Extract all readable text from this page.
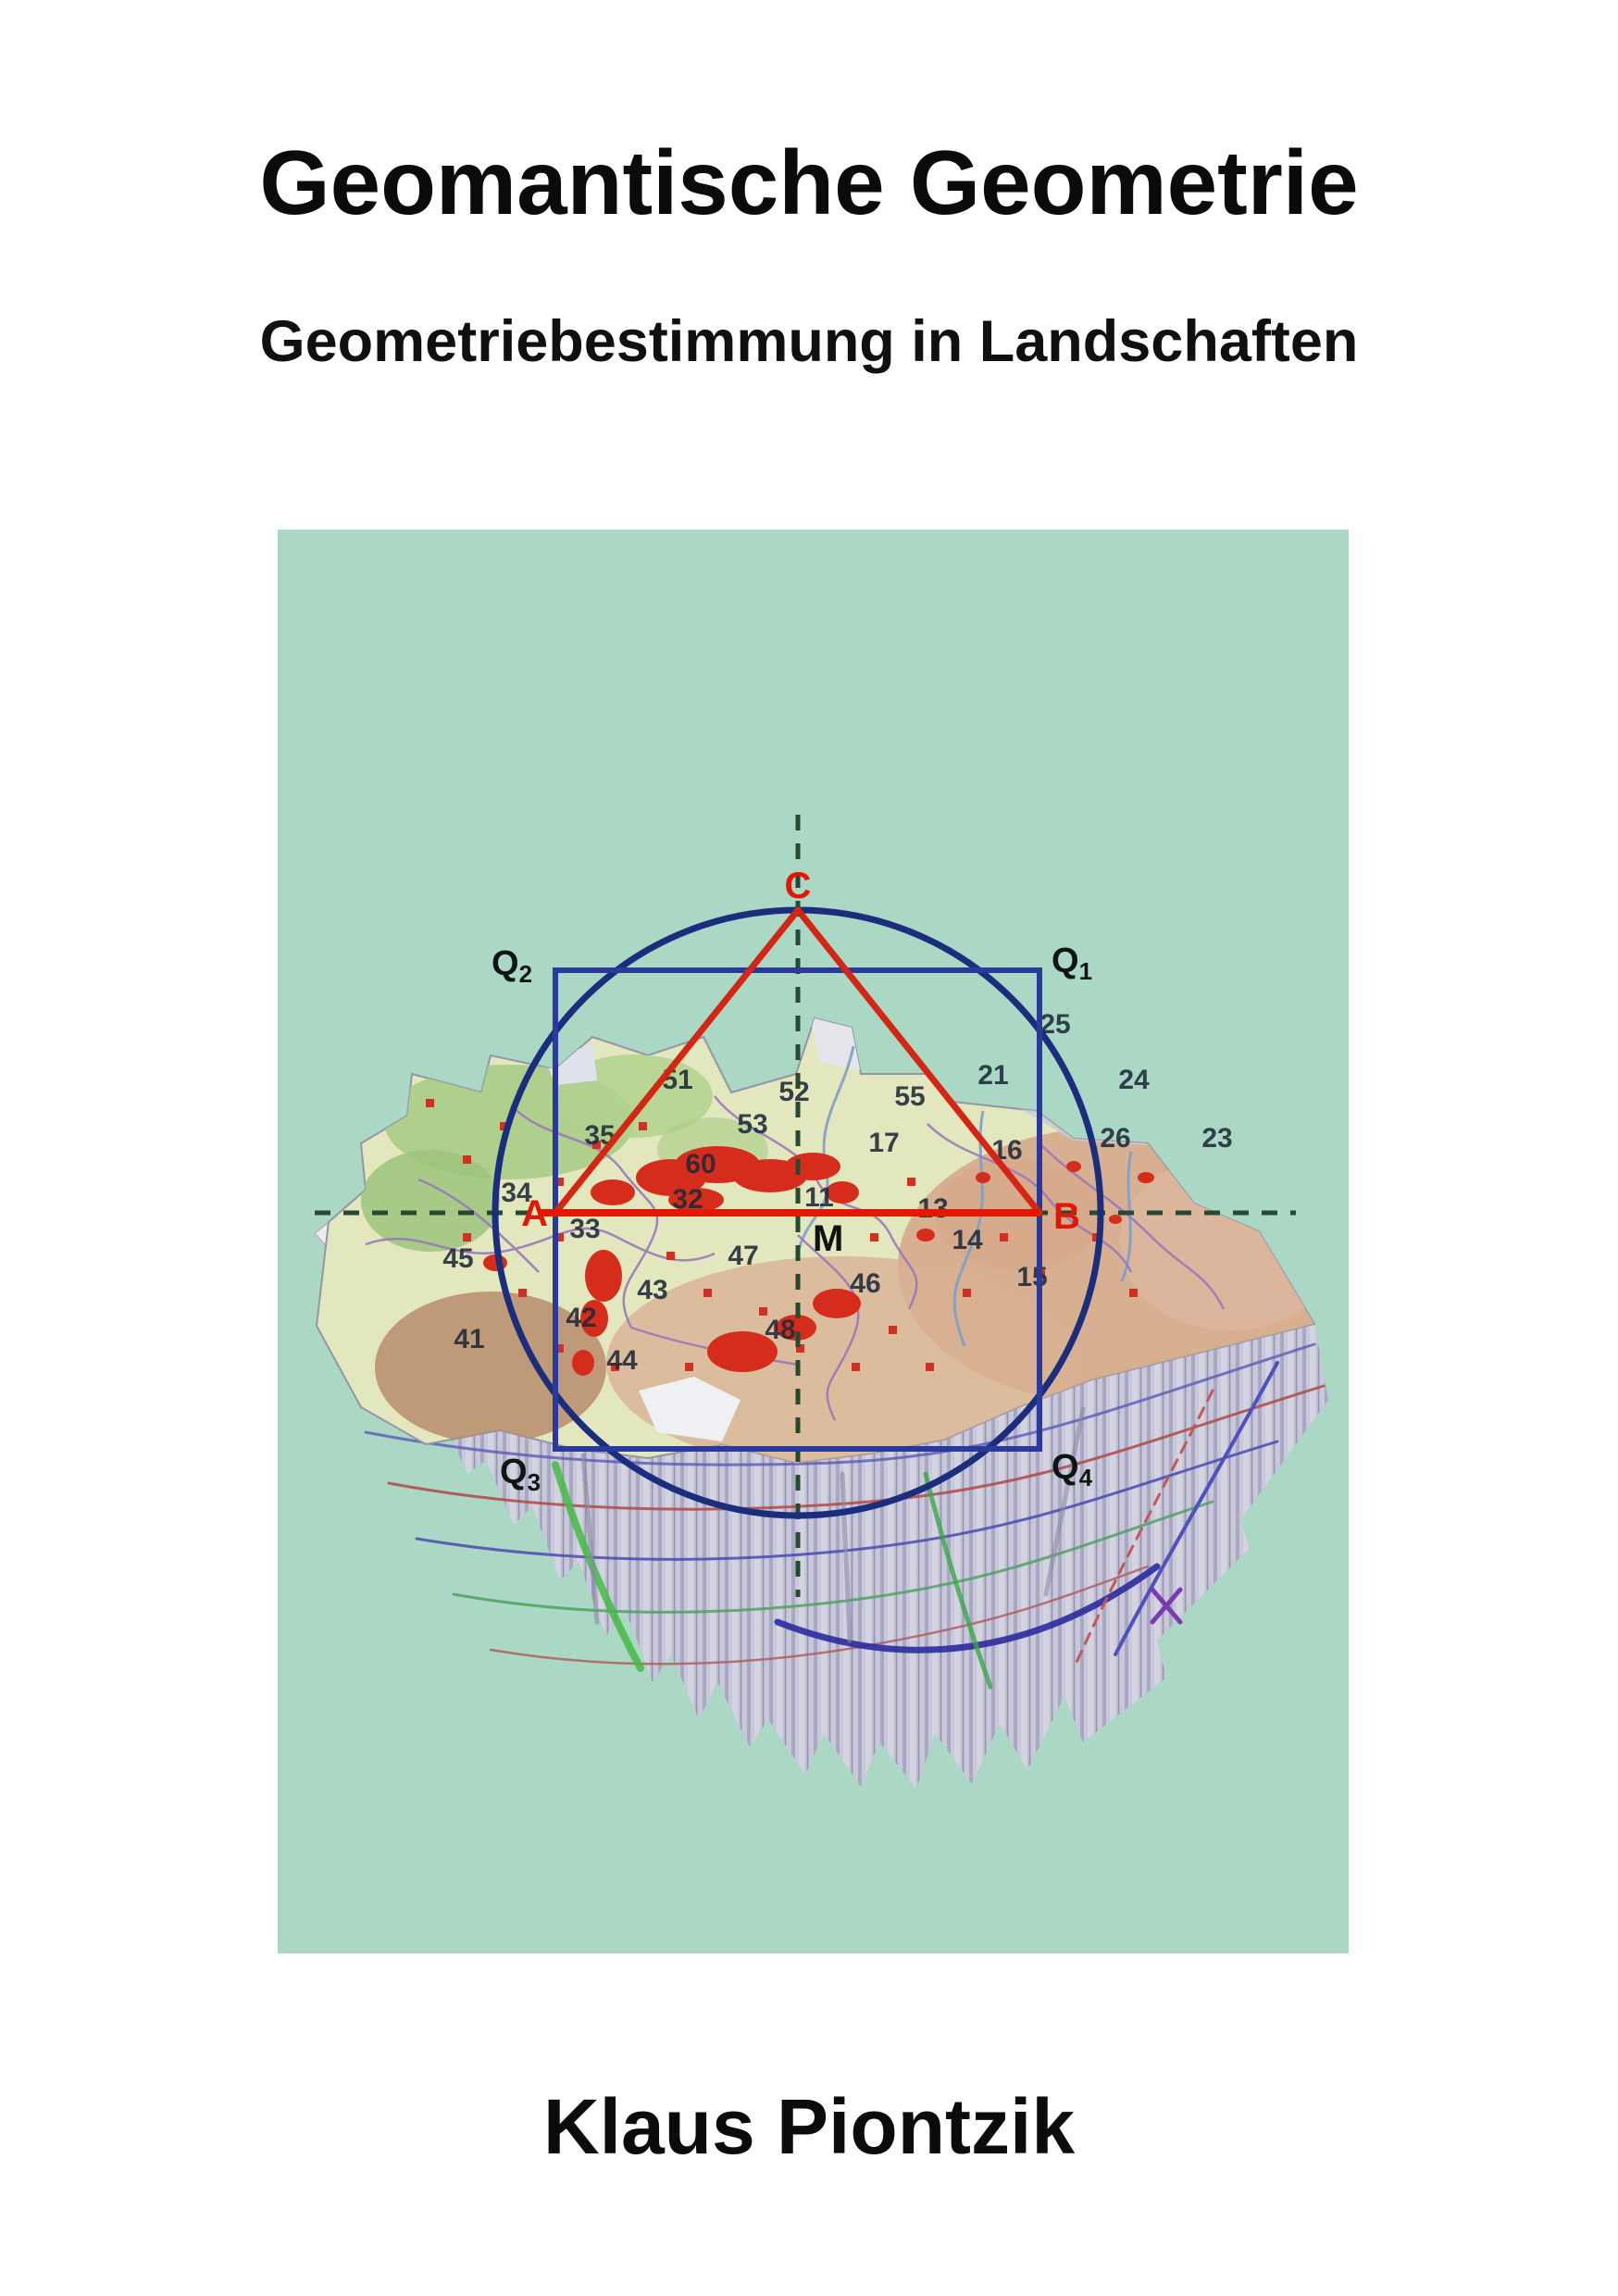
Geomantische Geometrie
Geometriebestimmung in Landschaften
34
33
45	47
43
42
41
44
48
46
11
60
32
35
51
53
52	55
17
21
16
25
24
26	23
14
15
13
C
A	B
M
$Q_2$	$Q_1$
$Q_3$	$Q_4$
Klaus Piontzik
